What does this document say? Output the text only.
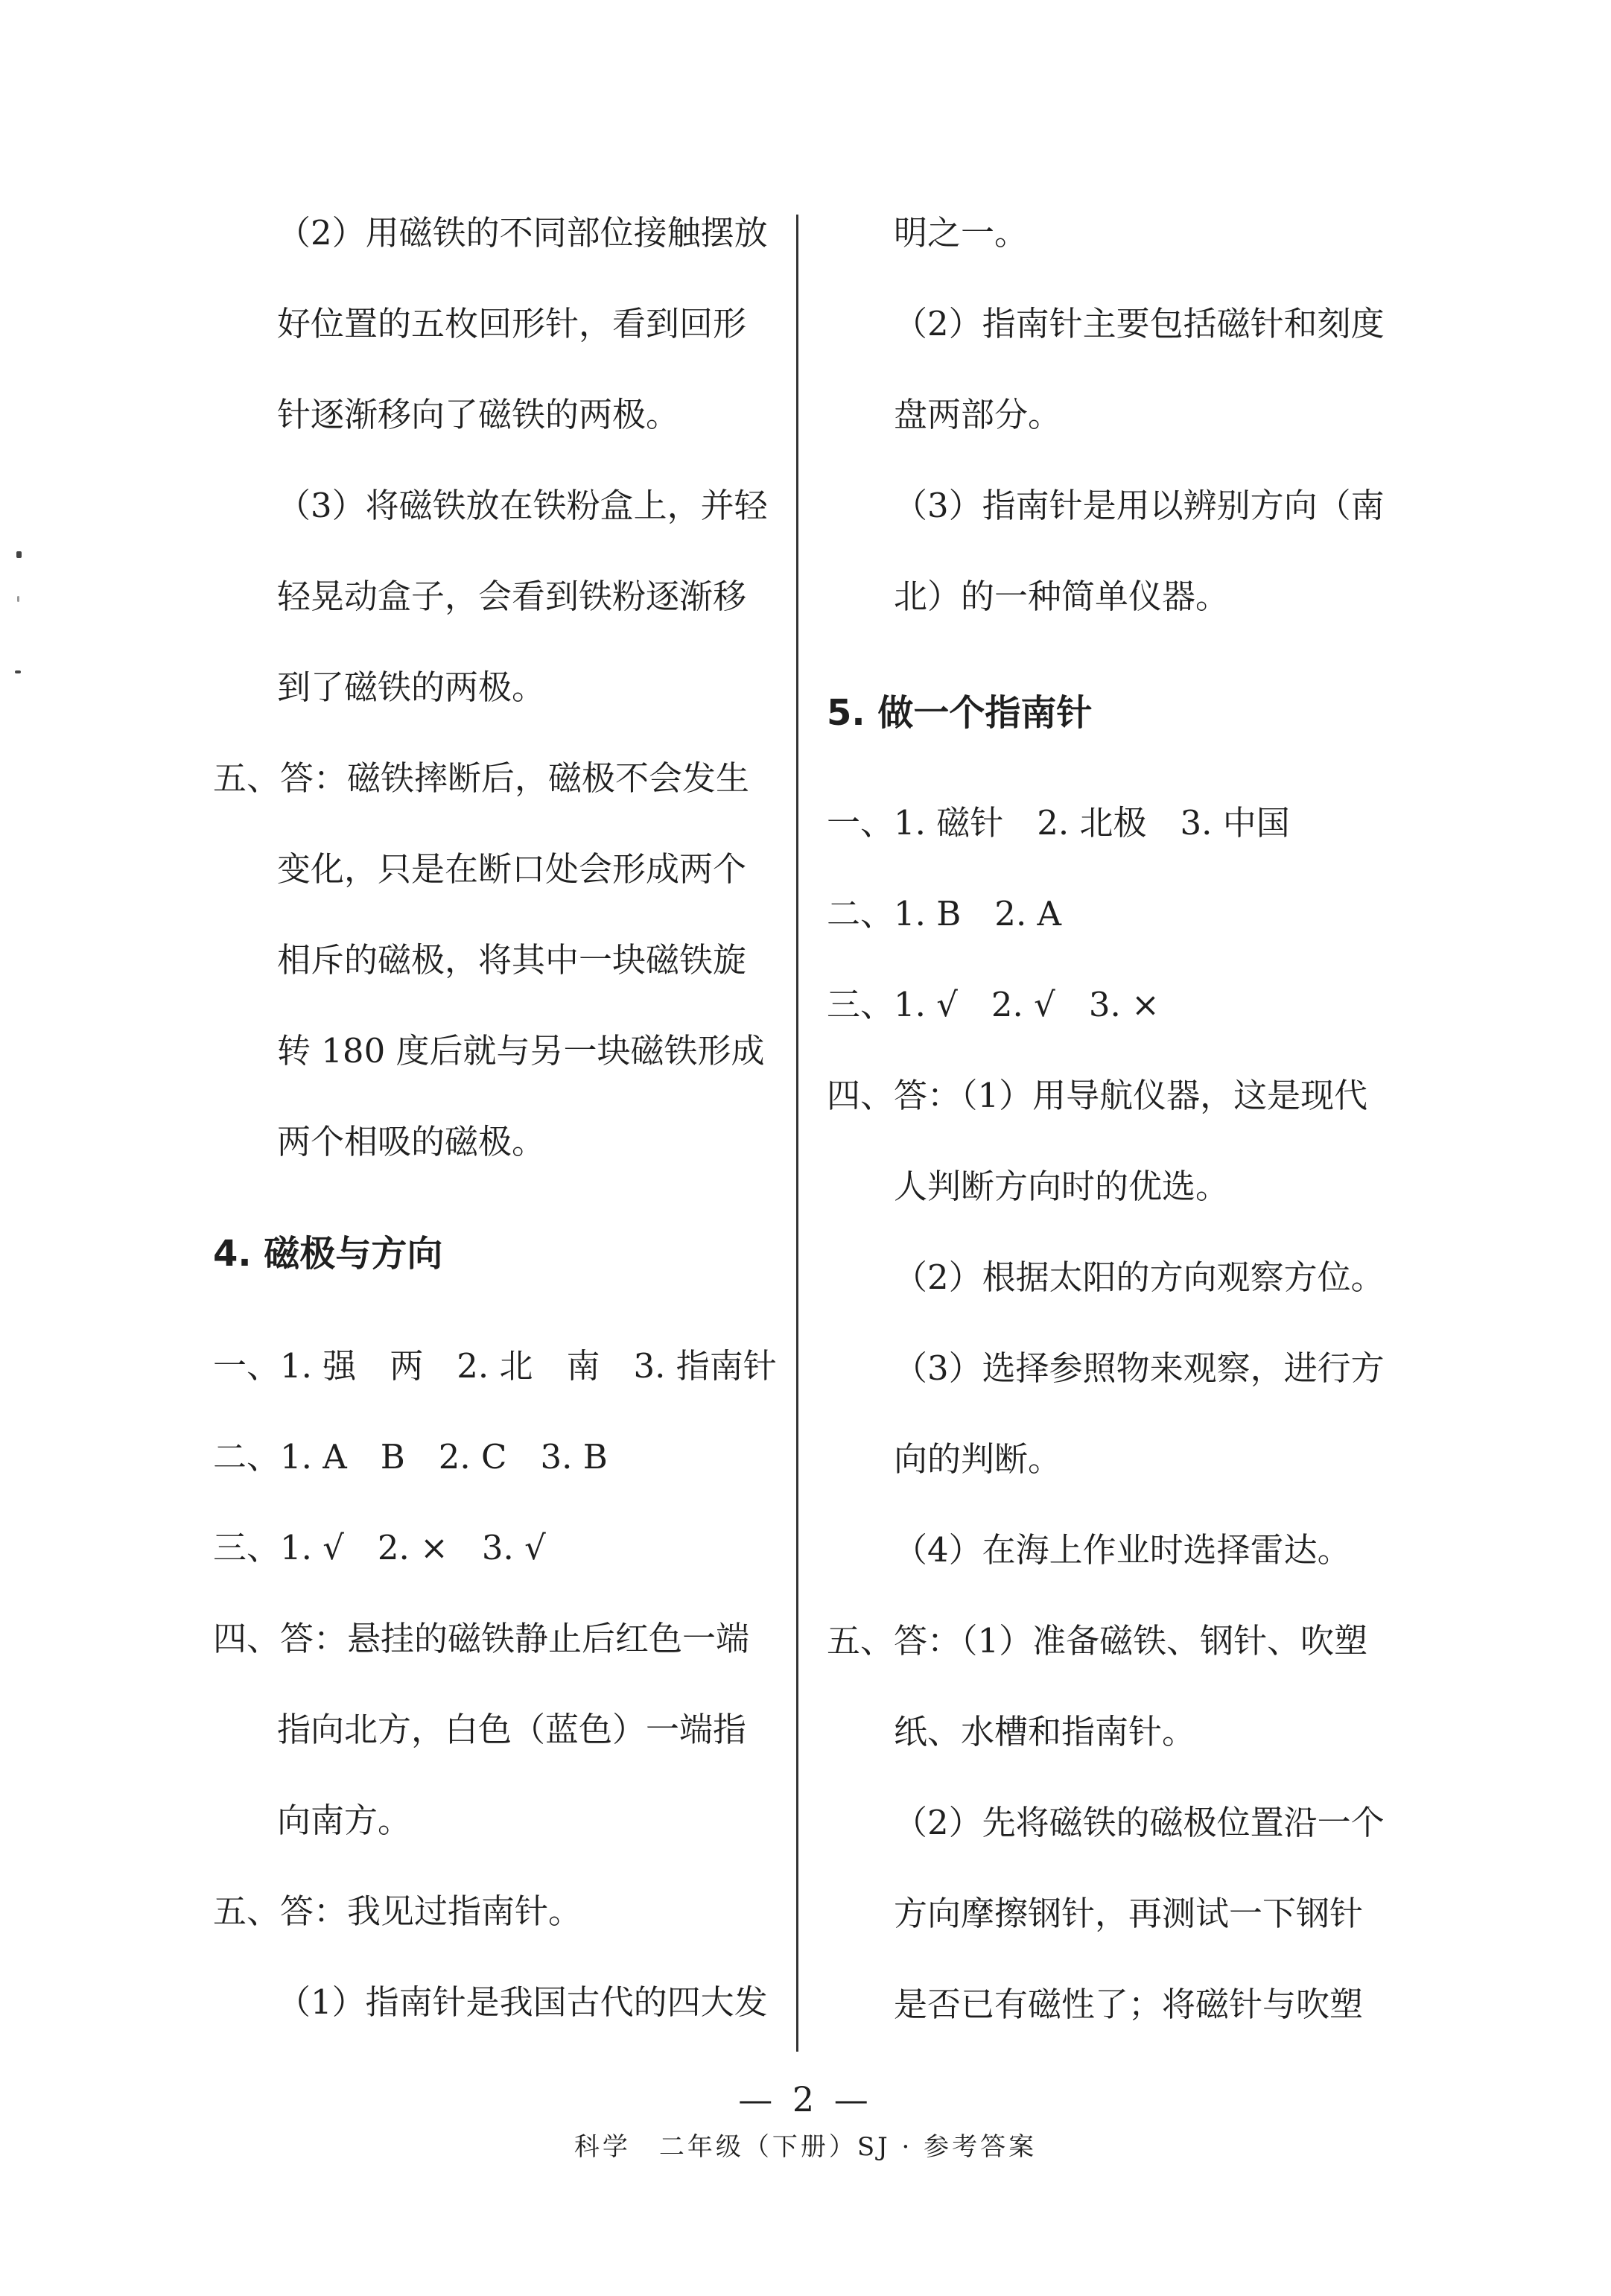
（2）用磁铁的不同部位接触摆放
好位置的五枚回形针，看到回形
针逐渐移向了磁铁的两极。
（3）将磁铁放在铁粉盒上，并轻
轻晃动盒子，会看到铁粉逐渐移
到了磁铁的两极。
五、答：磁铁摔断后，磁极不会发生
变化，只是在断口处会形成两个
相斥的磁极，将其中一块磁铁旋
转 180 度后就与另一块磁铁形成
两个相吸的磁极。
4. 磁极与方向
一、1. 强　两　2. 北　南　3. 指南针
二、1. A　B　2. C　3. B
三、1. √　2. ×　3. √
四、答：悬挂的磁铁静止后红色一端
指向北方，白色（蓝色）一端指
向南方。
五、答：我见过指南针。
（1）指南针是我国古代的四大发
明之一。
（2）指南针主要包括磁针和刻度
盘两部分。
（3）指南针是用以辨别方向（南
北）的一种简单仪器。
5. 做一个指南针
一、1. 磁针　2. 北极　3. 中国
二、1. B　2. A
三、1. √　2. √　3. ×
四、答：（1）用导航仪器，这是现代
人判断方向时的优选。
（2）根据太阳的方向观察方位。
（3）选择参照物来观察，进行方
向的判断。
（4）在海上作业时选择雷达。
五、答：（1）准备磁铁、钢针、吹塑
纸、水槽和指南针。
（2）先将磁铁的磁极位置沿一个
方向摩擦钢针，再测试一下钢针
是否已有磁性了；将磁针与吹塑
— 2 —
科学　二年级（下册）SJ · 参考答案
